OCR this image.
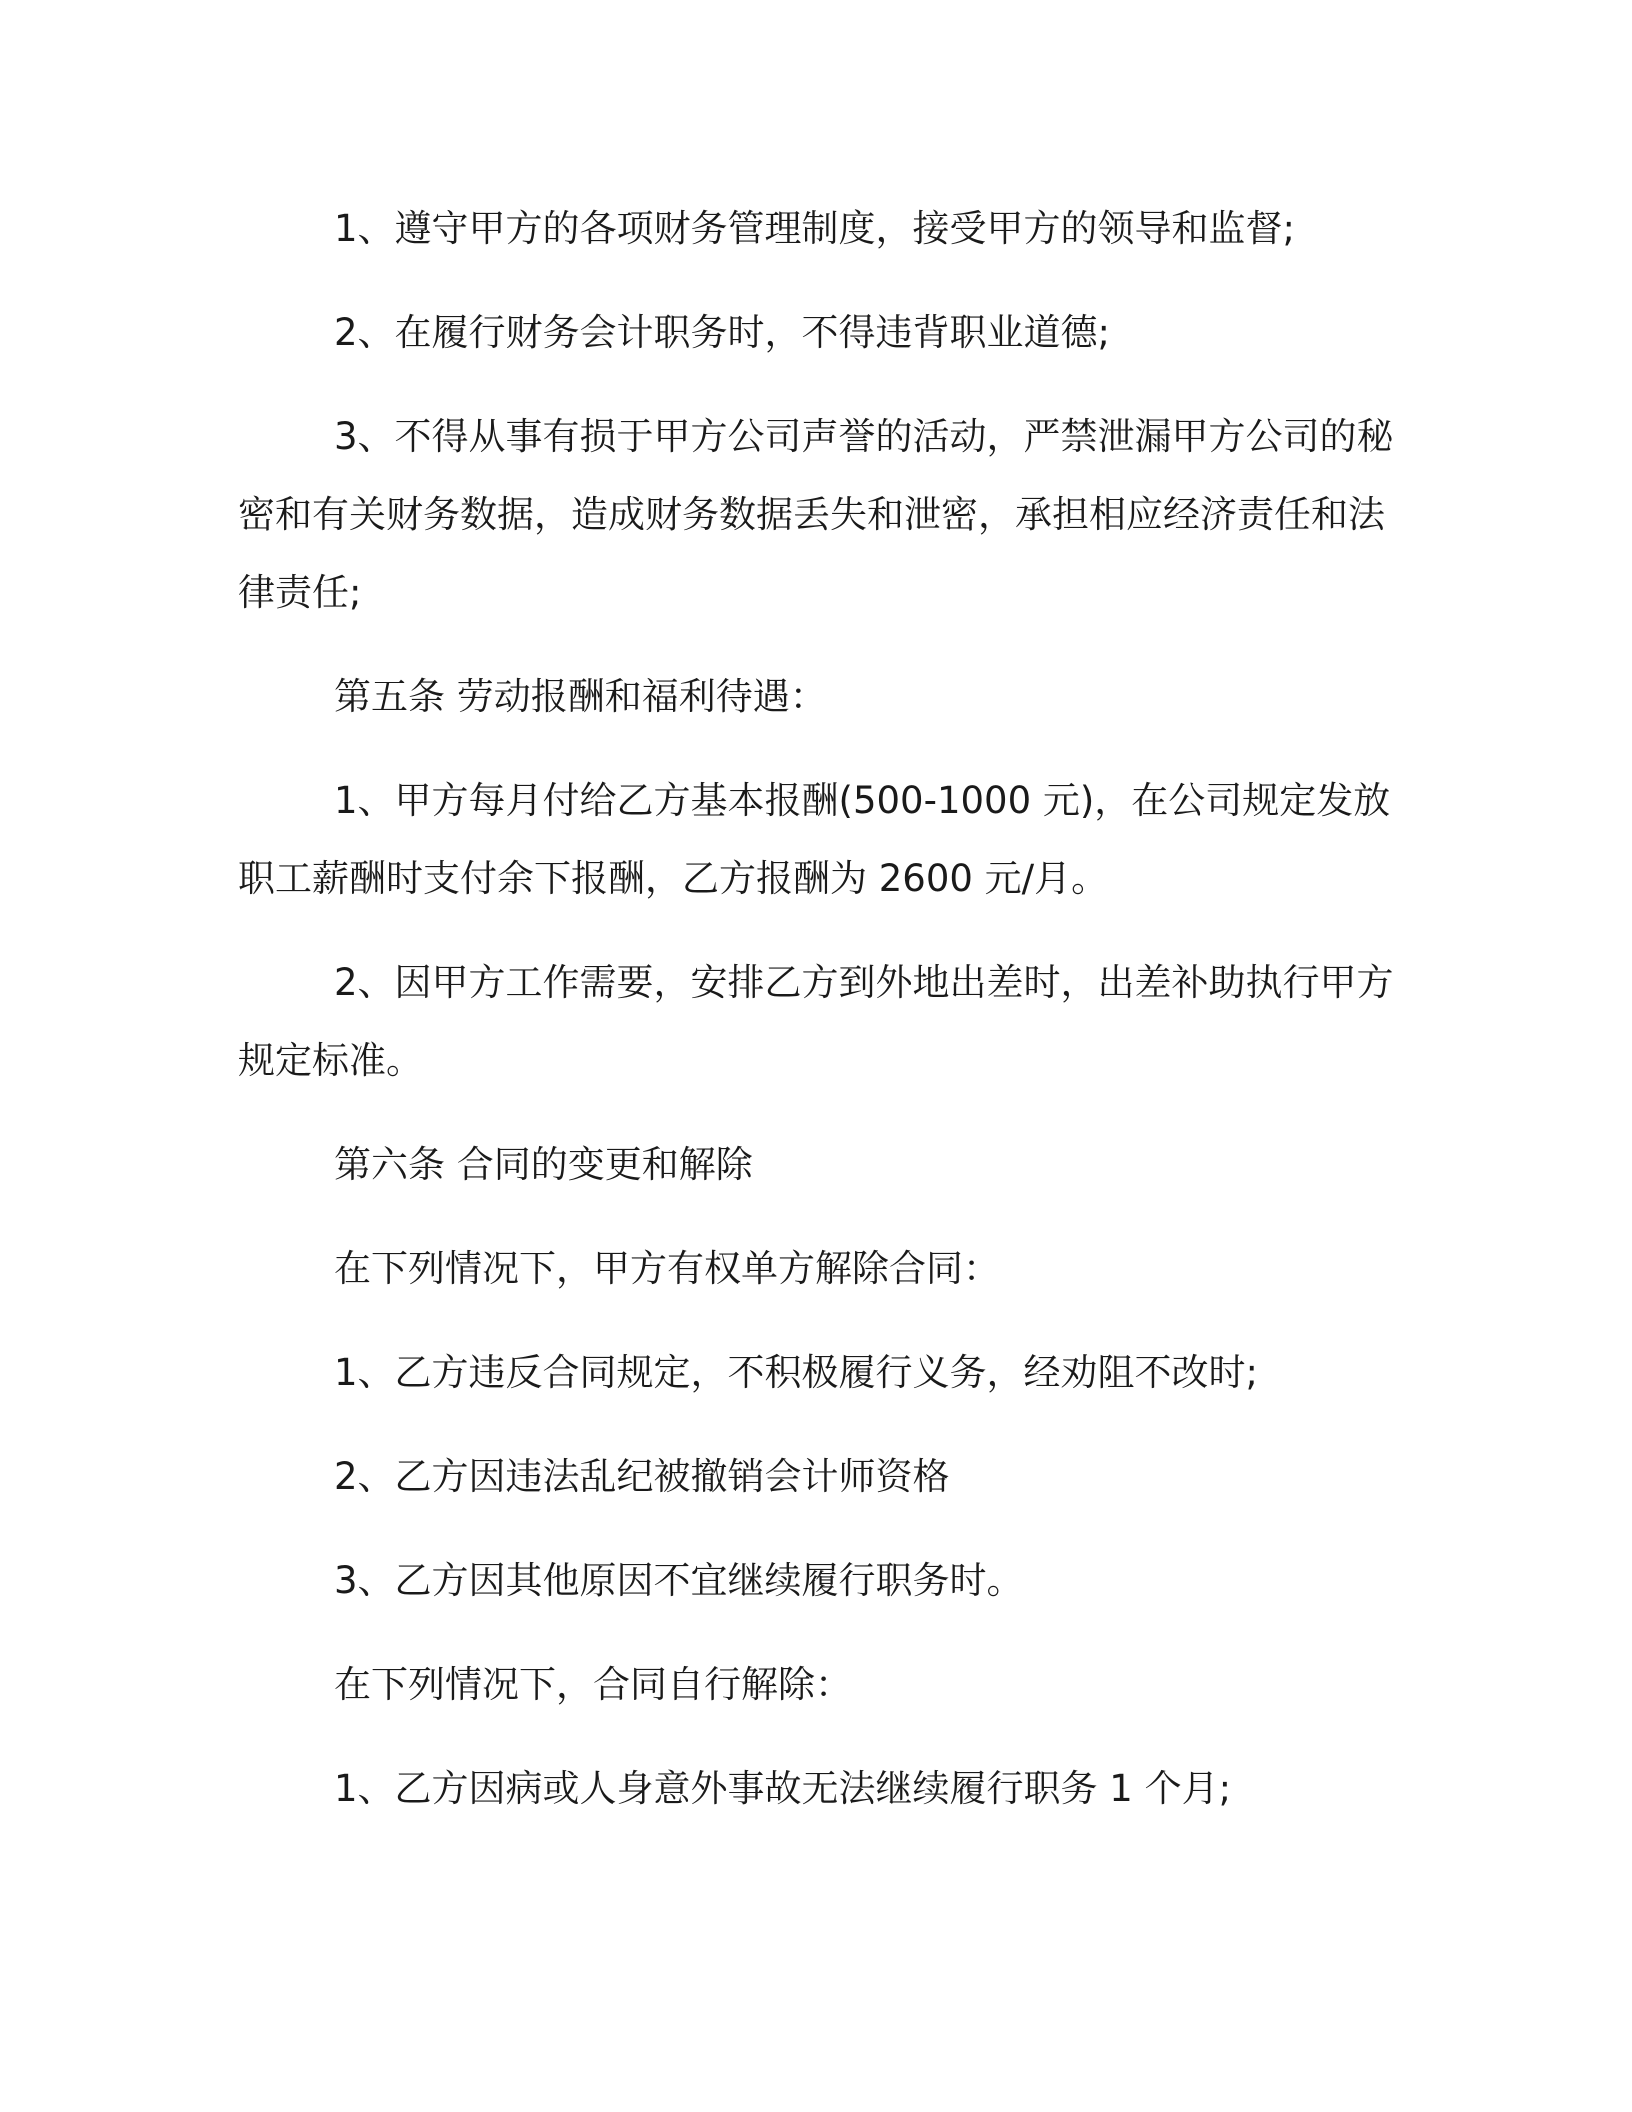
1、遵守甲方的各项财务管理制度，接受甲方的领导和监督;

2、在履行财务会计职务时，不得违背职业道德;

3、不得从事有损于甲方公司声誉的活动，严禁泄漏甲方公司的秘密和有关财务数据，造成财务数据丢失和泄密，承担相应经济责任和法律责任;

第五条 劳动报酬和福利待遇：

1、甲方每月付给乙方基本报酬(500-1000 元)，在公司规定发放职工薪酬时支付余下报酬，乙方报酬为 2600 元/月。

2、因甲方工作需要，安排乙方到外地出差时，出差补助执行甲方规定标准。

第六条 合同的变更和解除

在下列情况下，甲方有权单方解除合同：

1、乙方违反合同规定，不积极履行义务，经劝阻不改时;

2、乙方因违法乱纪被撤销会计师资格

3、乙方因其他原因不宜继续履行职务时。

在下列情况下，合同自行解除：

1、乙方因病或人身意外事故无法继续履行职务 1 个月;
